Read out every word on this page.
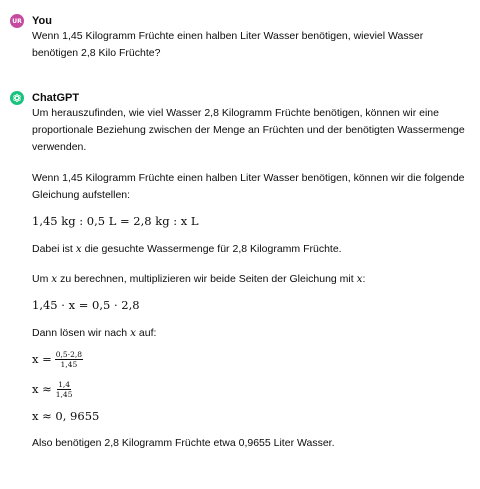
UR You
Wenn 1,45 Kilogramm Früchte einen halben Liter Wasser benötigen, wieviel Wasser benötigen 2,8 Kilo Früchte?
ChatGPT

Um herauszufinden, wie viel Wasser 2,8 Kilogramm Früchte benötigen, können wir eine proportionale Beziehung zwischen der Menge an Früchten und der benötigten Wassermenge verwenden.

Wenn 1,45 Kilogramm Früchte einen halben Liter Wasser benötigen, können wir die folgende Gleichung aufstellen:

1,45 kg : 0,5 L = 2,8 kg : x L

Dabei ist x die gesuchte Wassermenge für 2,8 Kilogramm Früchte.

Um x zu berechnen, multiplizieren wir beide Seiten der Gleichung mit x:

1,45 · x = 0,5 · 2,8

Dann lösen wir nach x auf:

$x = \frac{0,5\cdot 2,8}{1,45}$
$x \approx \frac{1,4}{1,45}$

x ≈ 0, 9655

Also benötigen 2,8 Kilogramm Früchte etwa 0,9655 Liter Wasser.
